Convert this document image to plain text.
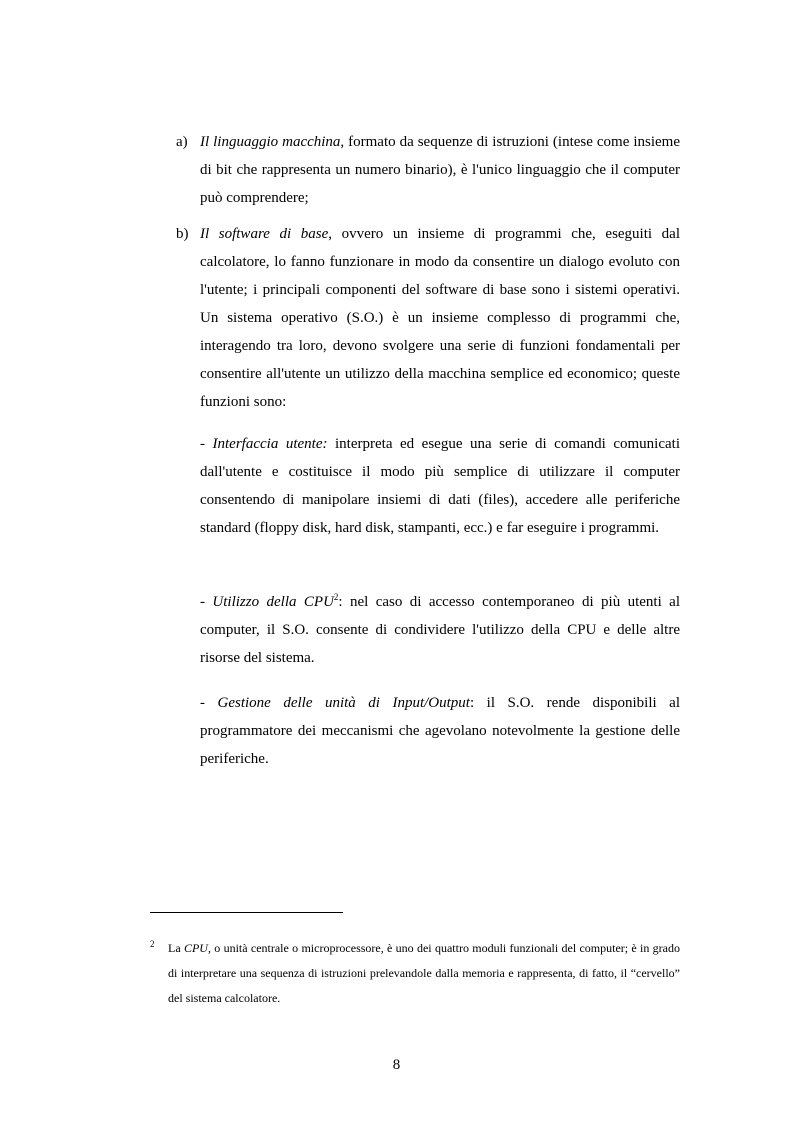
a) Il linguaggio macchina, formato da sequenze di istruzioni (intese come insieme di bit che rappresenta un numero binario), è l'unico linguaggio che il computer può comprendere;
b) Il software di base, ovvero un insieme di programmi che, eseguiti dal calcolatore, lo fanno funzionare in modo da consentire un dialogo evoluto con l'utente; i principali componenti del software di base sono i sistemi operativi. Un sistema operativo (S.O.) è un insieme complesso di programmi che, interagendo tra loro, devono svolgere una serie di funzioni fondamentali per consentire all'utente un utilizzo della macchina semplice ed economico; queste funzioni sono:
- Interfaccia utente: interpreta ed esegue una serie di comandi comunicati dall'utente e costituisce il modo più semplice di utilizzare il computer consentendo di manipolare insiemi di dati (files), accedere alle periferiche standard (floppy disk, hard disk, stampanti, ecc.) e far eseguire i programmi.
- Utilizzo della CPU$^2$: nel caso di accesso contemporaneo di più utenti al computer, il S.O. consente di condividere l'utilizzo della CPU e delle altre risorse del sistema.
- Gestione delle unità di Input/Output: il S.O. rende disponibili al programmatore dei meccanismi che agevolano notevolmente la gestione delle periferiche.
2 La CPU, o unità centrale o microprocessore, è uno dei quattro moduli funzionali del computer; è in grado di interpretare una sequenza di istruzioni prelevandole dalla memoria e rappresenta, di fatto, il “cervello” del sistema calcolatore.
8
